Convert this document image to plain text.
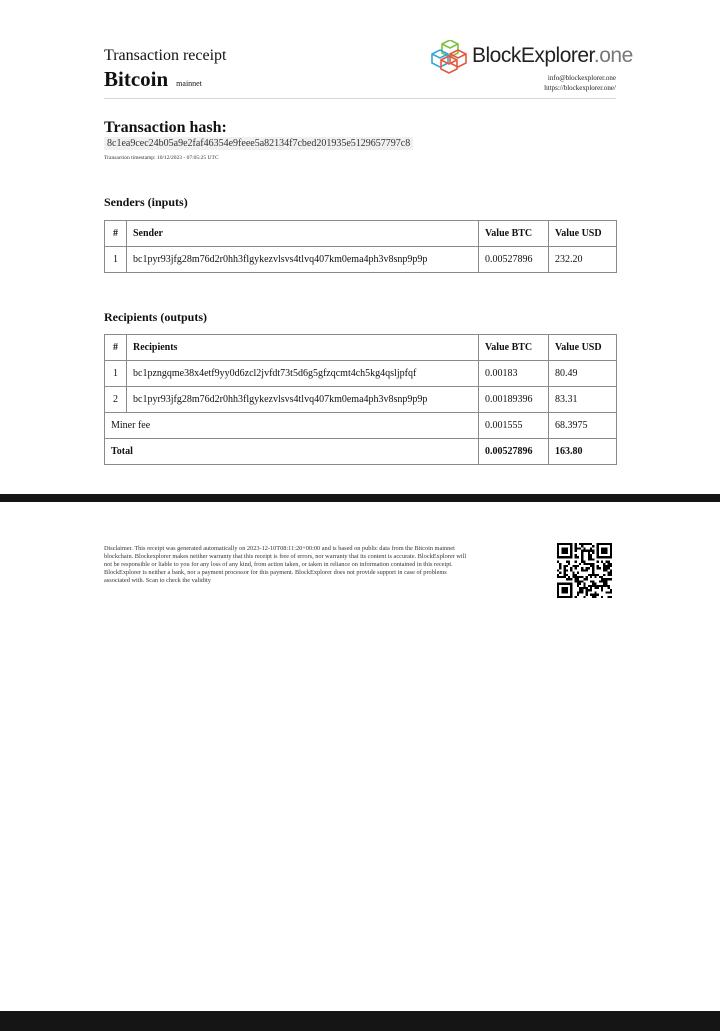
Transaction receipt
Bitcoin mainnet
BlockExplorer.one
info@blockexplorer.one
https://blockexplorer.one/
Transaction hash:
8c1ea9cec24b05a9e2faf46354e9feee5a82134f7cbed201935e5129657797c8
Transaction timestamp: 10/12/2023 - 07:05:25 UTC
Senders (inputs)
#	Sender	Value BTC	Value USD
1	bc1pyr93jfg28m76d2r0hh3flgykezvlsvs4tlvq407km0ema4ph3v8snp9p9p	0.00527896	232.20
Recipients (outputs)
#	Recipients	Value BTC	Value USD
1	bc1pzngqme38x4etf9yy0d6zcl2jvfdt73t5d6g5gfzqcmt4ch5kg4qsljpfqf	0.00183	80.49
2	bc1pyr93jfg28m76d2r0hh3flgykezvlsvs4tlvq407km0ema4ph3v8snp9p9p	0.00189396	83.31
Miner fee		0.001555	68.3975
Total		0.00527896	163.80
Disclaimer. This receipt was generated automatically on 2023-12-10T08:11:20+00:00 and is based on public data from the Bitcoin mainnet blockchain. Blockexplorer makes neither warranty that this receipt is free of errors, nor warranty that its content is accurate. BlockExplorer will not be responsible or liable to you for any loss of any kind, from action taken, or taken in reliance on information contained in this receipt. BlockExplorer is neither a bank, nor a payment processor for this payment. BlockExplorer does not provide support in case of problems associated with. Scan to check the validity
